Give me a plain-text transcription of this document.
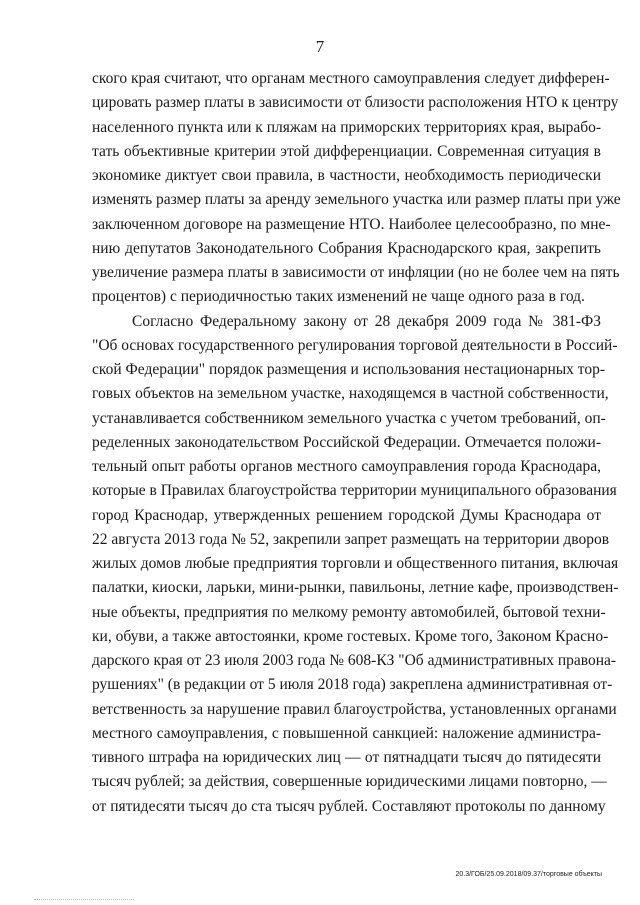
7
ского края считают, что органам местного самоуправления следует дифферен-
цировать размер платы в зависимости от близости расположения НТО к центру
населенного пункта или к пляжам на приморских территориях края, вырабо-
тать объективные критерии этой дифференциации. Современная ситуация в
экономике диктует свои правила, в частности, необходимость периодически
изменять размер платы за аренду земельного участка или размер платы при уже
заключенном договоре на размещение НТО. Наиболее целесообразно, по мне-
нию депутатов Законодательного Собрания Краснодарского края, закрепить
увеличение размера платы в зависимости от инфляции (но не более чем на пять
процентов) с периодичностью таких изменений не чаще одного раза в год.
Согласно Федеральному закону от 28 декабря 2009 года № 381-ФЗ
"Об основах государственного регулирования торговой деятельности в Россий-
ской Федерации" порядок размещения и использования нестационарных тор-
говых объектов на земельном участке, находящемся в частной собственности,
устанавливается собственником земельного участка с учетом требований, оп-
ределенных законодательством Российской Федерации. Отмечается положи-
тельный опыт работы органов местного самоуправления города Краснодара,
которые в Правилах благоустройства территории муниципального образования
город Краснодар, утвержденных решением городской Думы Краснодара от
22 августа 2013 года № 52, закрепили запрет размещать на территории дворов
жилых домов любые предприятия торговли и общественного питания, включая
палатки, киоски, ларьки, мини-рынки, павильоны, летние кафе, производствен-
ные объекты, предприятия по мелкому ремонту автомобилей, бытовой техни-
ки, обуви, а также автостоянки, кроме гостевых. Кроме того, Законом Красно-
дарского края от 23 июля 2003 года № 608-КЗ "Об административных правона-
рушениях" (в редакции от 5 июля 2018 года) закреплена административная от-
ветственность за нарушение правил благоустройства, установленных органами
местного самоуправления, с повышенной санкцией: наложение администра-
тивного штрафа на юридических лиц — от пятнадцати тысяч до пятидесяти
тысяч рублей; за действия, совершенные юридическими лицами повторно, —
от пятидесяти тысяч до ста тысяч рублей. Составляют протоколы по данному
20.3/ГОБ/25.09.2018/09.37/торговые объекты
